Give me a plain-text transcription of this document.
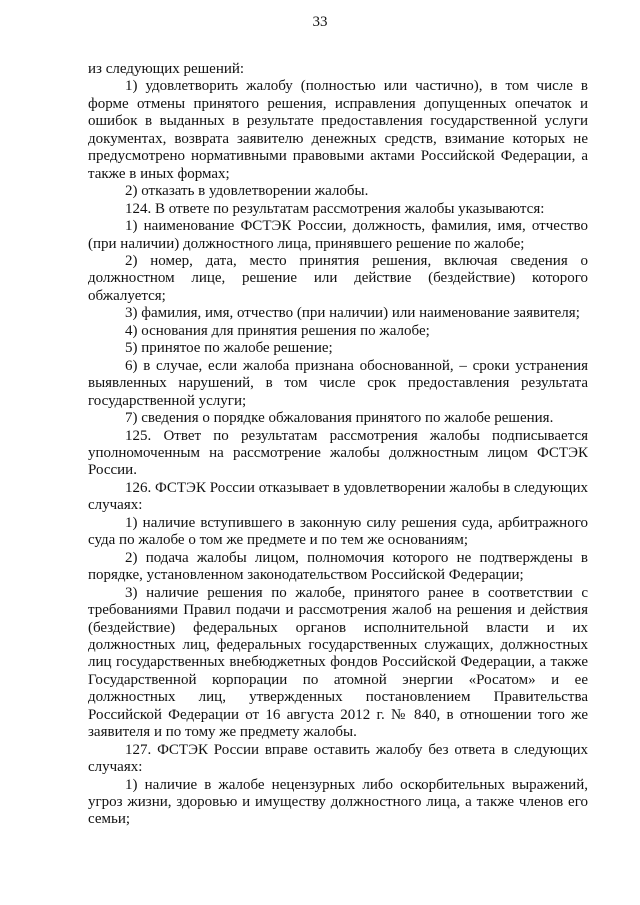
33

из следующих решений:

1) удовлетворить жалобу (полностью или частично), в том числе в форме отмены принятого решения, исправления допущенных опечаток и ошибок в выданных в результате предоставления государственной услуги документах, возврата заявителю денежных средств, взимание которых не предусмотрено нормативными правовыми актами Российской Федерации, а также в иных формах;

2) отказать в удовлетворении жалобы.

124. В ответе по результатам рассмотрения жалобы указываются:

1) наименование ФСТЭК России, должность, фамилия, имя, отчество (при наличии) должностного лица, принявшего решение по жалобе;

2) номер, дата, место принятия решения, включая сведения о должностном лице, решение или действие (бездействие) которого обжалуется;

3) фамилия, имя, отчество (при наличии) или наименование заявителя;

4) основания для принятия решения по жалобе;

5) принятое по жалобе решение;

6) в случае, если жалоба признана обоснованной, – сроки устранения выявленных нарушений, в том числе срок предоставления результата государственной услуги;

7) сведения о порядке обжалования принятого по жалобе решения.

125. Ответ по результатам рассмотрения жалобы подписывается уполномоченным на рассмотрение жалобы должностным лицом ФСТЭК России.

126. ФСТЭК России отказывает в удовлетворении жалобы в следующих случаях:

1) наличие вступившего в законную силу решения суда, арбитражного суда по жалобе о том же предмете и по тем же основаниям;

2) подача жалобы лицом, полномочия которого не подтверждены в порядке, установленном законодательством Российской Федерации;

3) наличие решения по жалобе, принятого ранее в соответствии с требованиями Правил подачи и рассмотрения жалоб на решения и действия (бездействие) федеральных органов исполнительной власти и их должностных лиц, федеральных государственных служащих, должностных лиц государственных внебюджетных фондов Российской Федерации, а также Государственной корпорации по атомной энергии «Росатом» и ее должностных лиц, утвержденных постановлением Правительства Российской Федерации от 16 августа 2012 г. № 840, в отношении того же заявителя и по тому же предмету жалобы.

127. ФСТЭК России вправе оставить жалобу без ответа в следующих случаях:

1) наличие в жалобе нецензурных либо оскорбительных выражений, угроз жизни, здоровью и имуществу должностного лица, а также членов его семьи;
